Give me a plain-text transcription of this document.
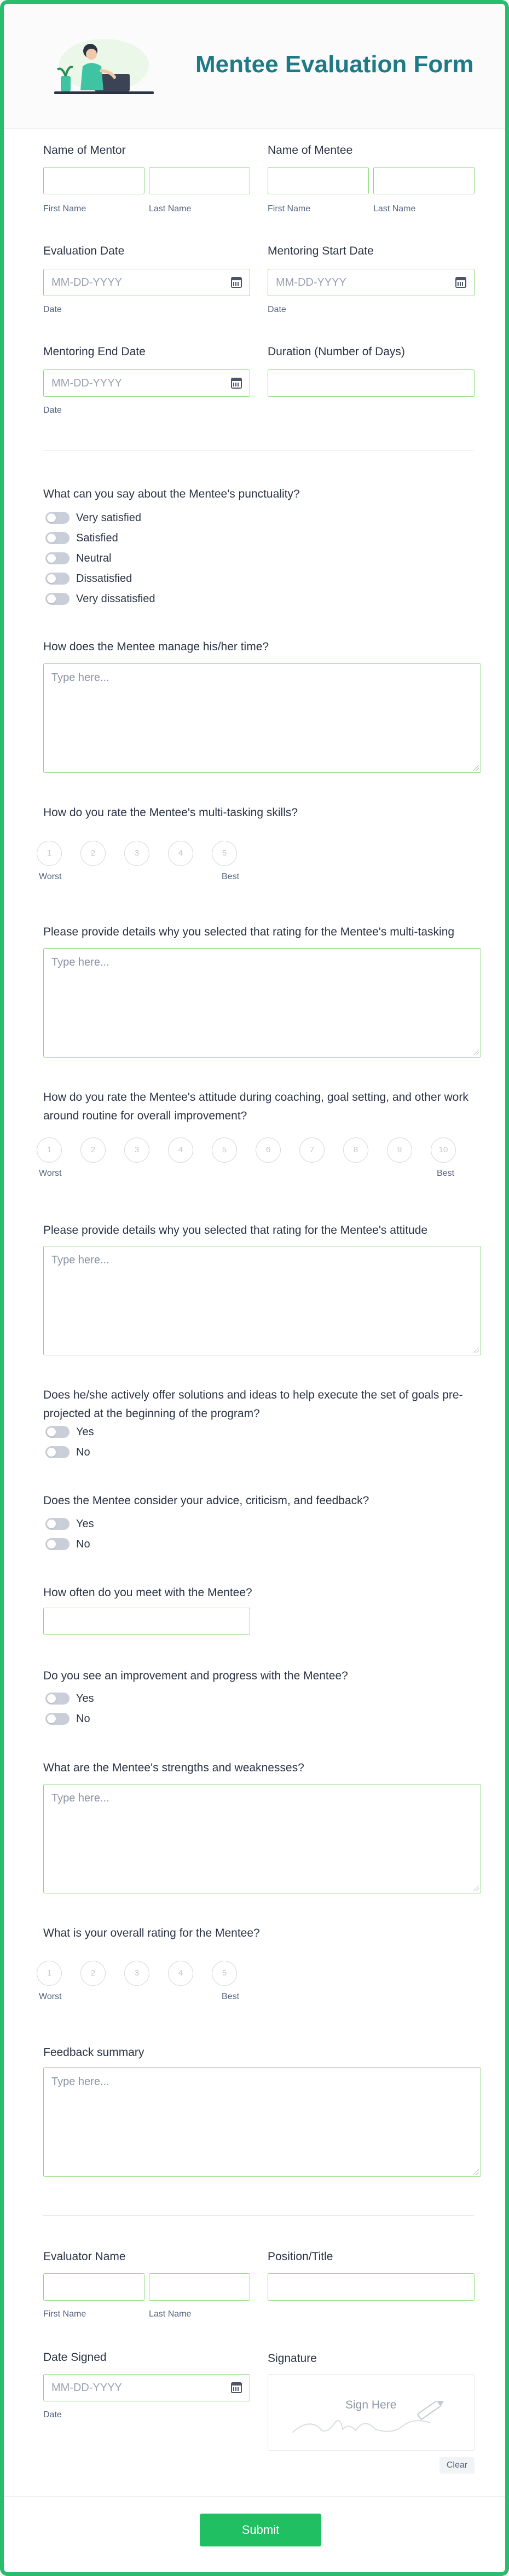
Mentee Evaluation Form
Name of Mentor
First Name	Last Name
Name of Mentee
First Name	Last Name
Evaluation Date
MM-DD-YYYY
Date
Mentoring Start Date
MM-DD-YYYY
Date
Mentoring End Date
MM-DD-YYYY
Date
Duration (Number of Days)
What can you say about the Mentee's punctuality?
Very satisfied
Satisfied
Neutral
Dissatisfied
Very dissatisfied
How does the Mentee manage his/her time?
Type here...
How do you rate the Mentee's multi-tasking skills?
1	2	3	4	5
Worst	Best
Please provide details why you selected that rating for the Mentee's multi-tasking
Type here...
How do you rate the Mentee's attitude during coaching, goal setting, and other work around routine for overall improvement?
1	2	3	4	5	6	7	8	9	10
Worst	Best
Please provide details why you selected that rating for the Mentee's attitude
Type here...
Does he/she actively offer solutions and ideas to help execute the set of goals pre-projected at the beginning of the program?
Yes
No
Does the Mentee consider your advice, criticism, and feedback?
Yes
No
How often do you meet with the Mentee?
Do you see an improvement and progress with the Mentee?
Yes
No
What are the Mentee's strengths and weaknesses?
Type here...
What is your overall rating for the Mentee?
1	2	3	4	5
Worst	Best
Feedback summary
Type here...
Evaluator Name
First Name	Last Name
Position/Title
Date Signed
MM-DD-YYYY
Date
Signature
Sign Here
Clear
Submit
